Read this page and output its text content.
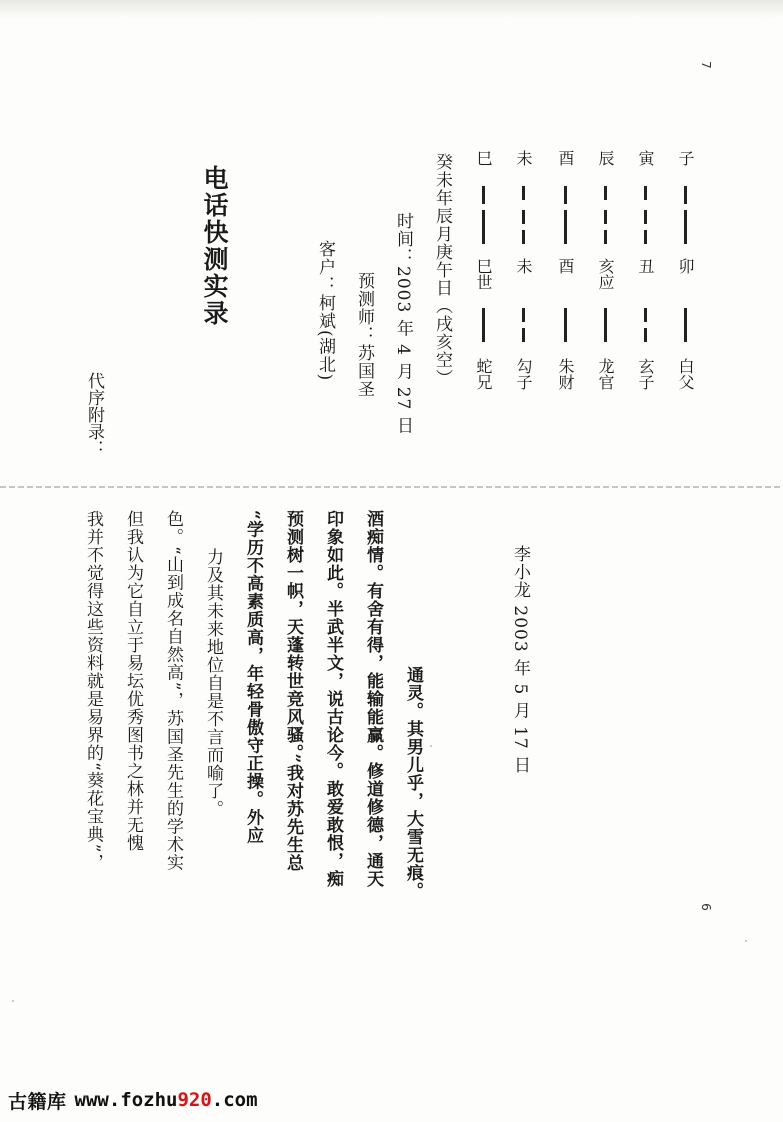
7
代序附录：
电话快测实录	客户：柯斌(湖北) 预测师：苏国圣 时间：2003 年 4 月 27 日 癸未年辰月庚午日（戌亥空） 蛇兄
巳世
巳
勾子
未
未
朱财
酉
酉
龙官
亥应
辰
玄子
丑
寅
白父
卯
子
我并不觉得这些资料就是易界的“葵花宝典”， 但我认为它自立于易坛优秀图书之林并无愧 色。“山到成名自然高”，苏国圣先生的学术实 力及其未来地位自是不言而喻了。 “学历不高素质高，年轻骨傲守正操。外应 预测树一帜，天蓬转世竞风骚。”我对苏先生总 印象如此。半武半文，说古论今。敢爱敢恨，痴 酒痴情。有舍有得，能输能赢。修道修德，通天 通灵。其男儿乎，大雪无痕。
李小龙 2003 年 5 月 17 日
6
古籍库 www.fozhu920.com
